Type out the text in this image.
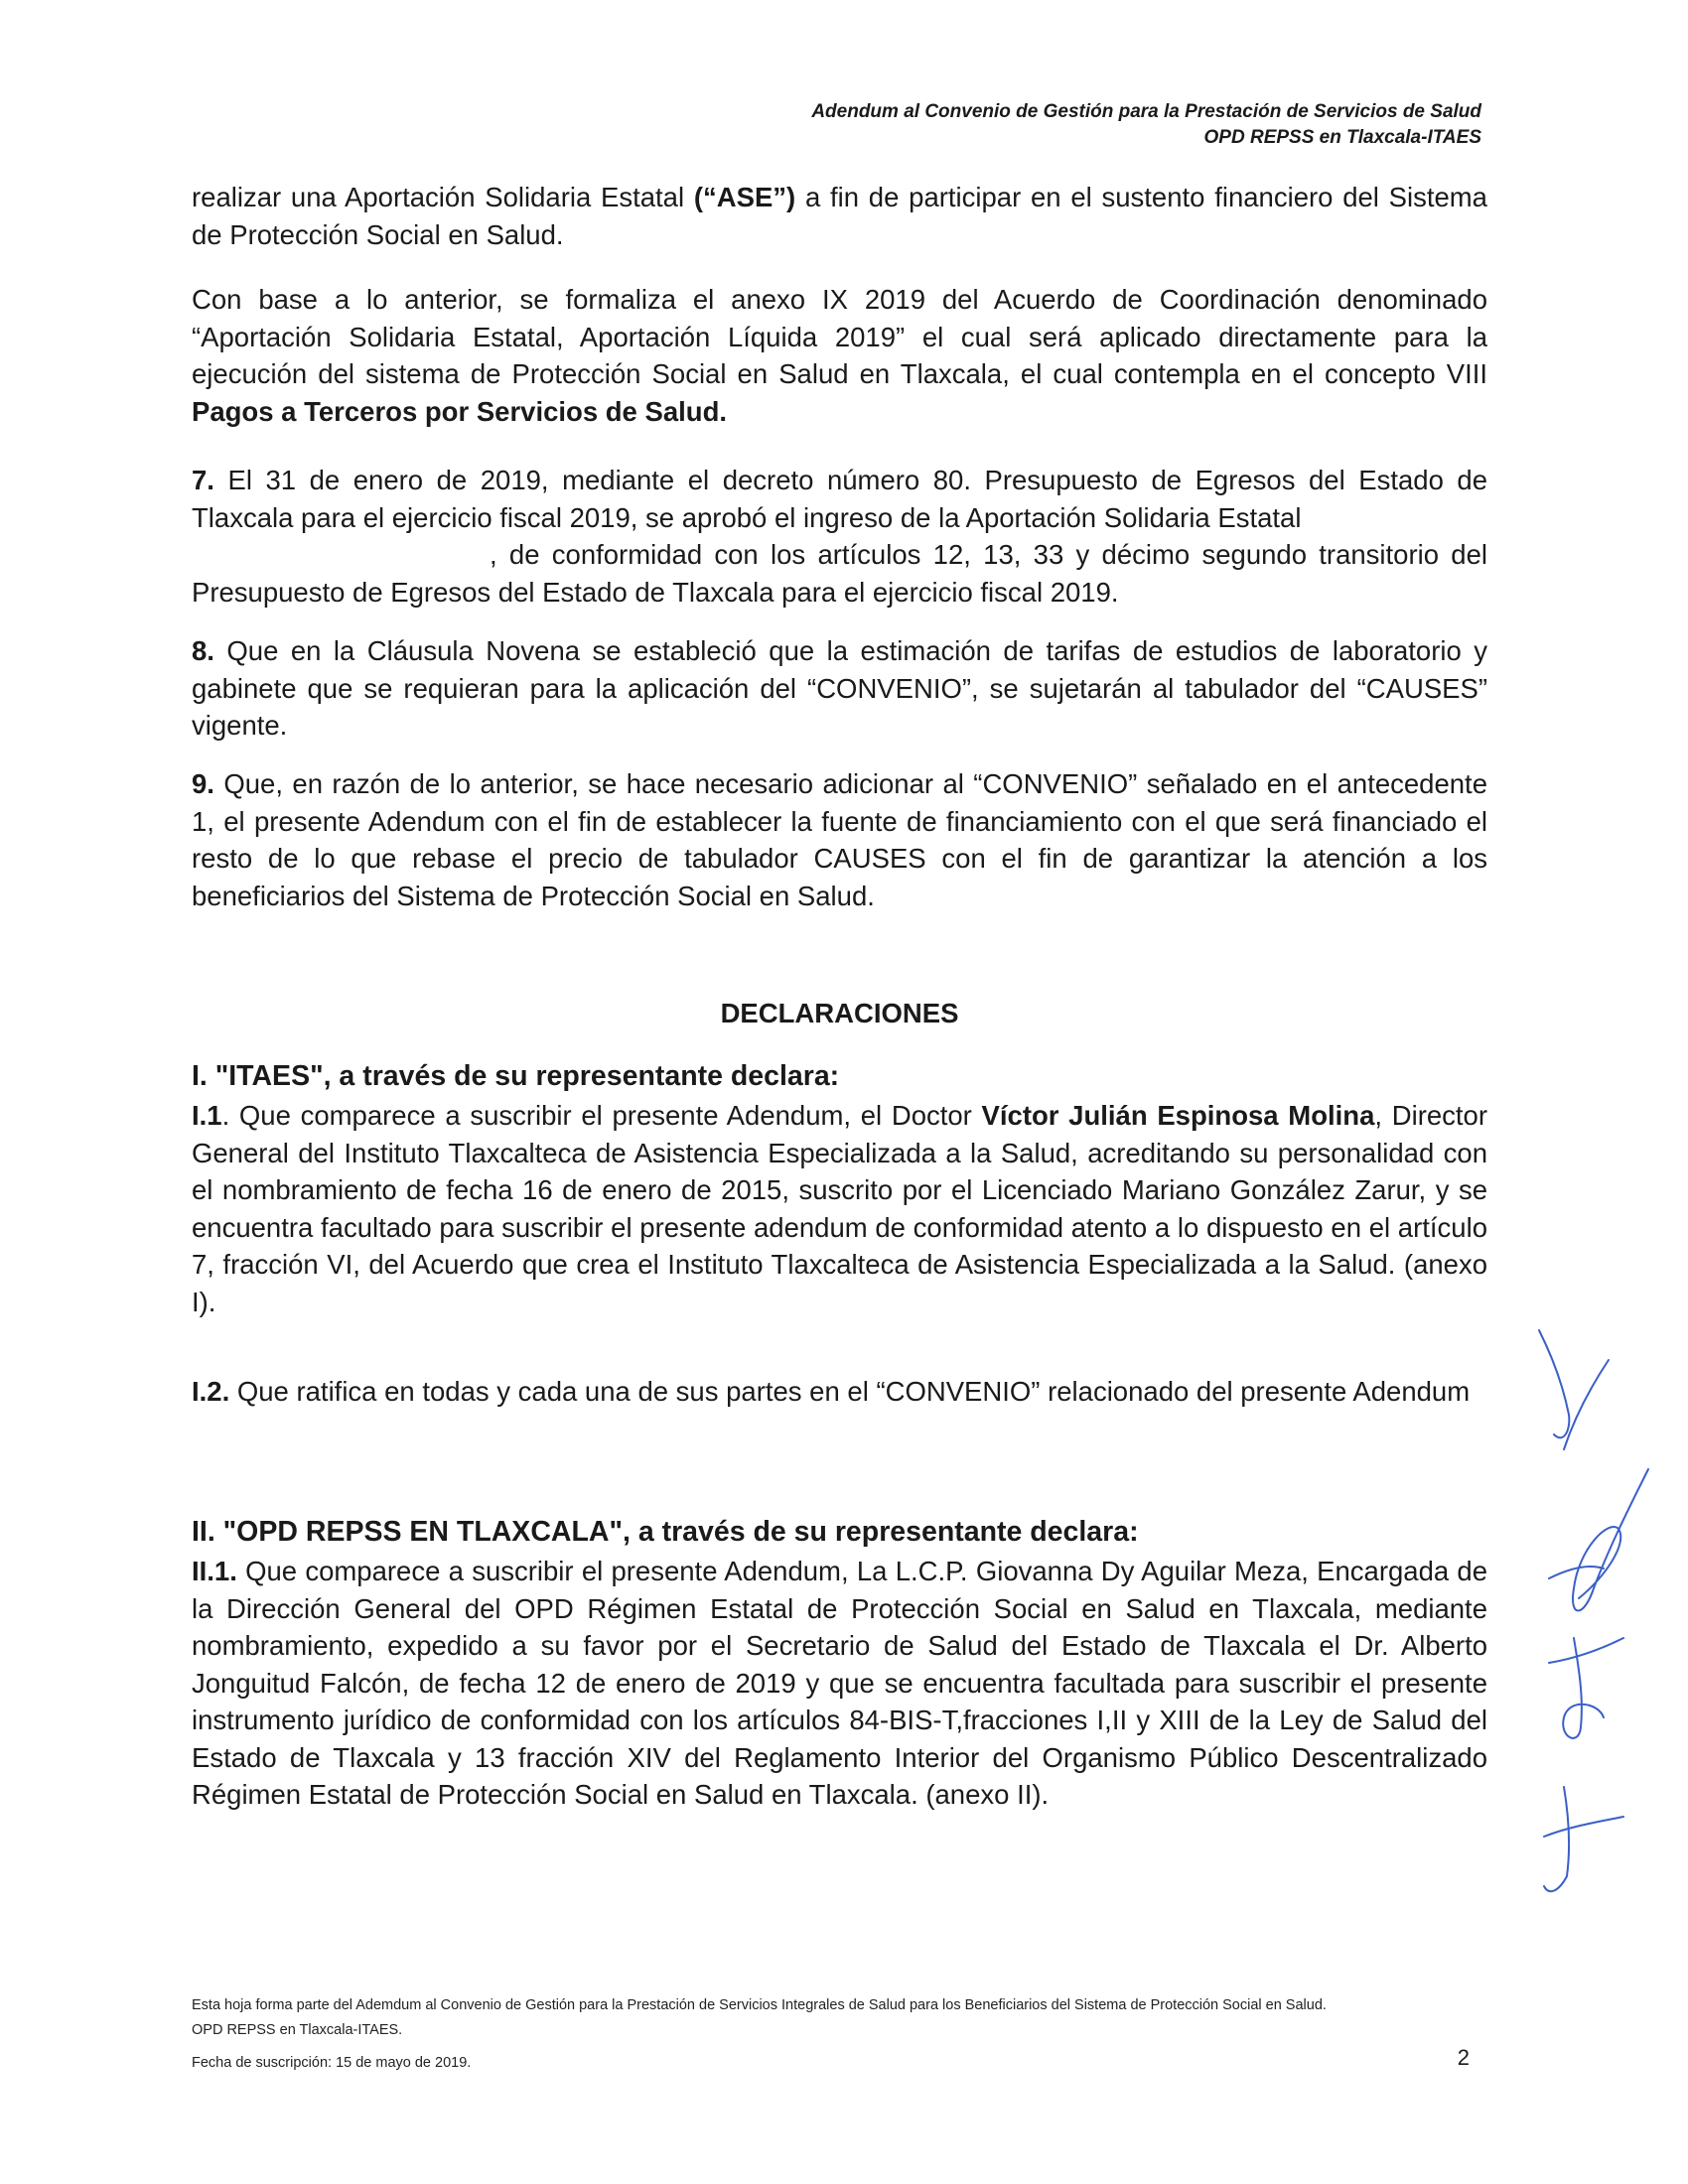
Adendum al Convenio de Gestión para la Prestación de Servicios de Salud
OPD REPSS en Tlaxcala-ITAES

realizar una Aportación Solidaria Estatal (“ASE”) a fin de participar en el sustento financiero del Sistema de Protección Social en Salud.

Con base a lo anterior, se formaliza el anexo IX 2019 del Acuerdo de Coordinación denominado “Aportación Solidaria Estatal, Aportación Líquida 2019” el cual será aplicado directamente para la ejecución del sistema de Protección Social en Salud en Tlaxcala, el cual contempla en el concepto VIII Pagos a Terceros por Servicios de Salud.

7. El 31 de enero de 2019, mediante el decreto número 80. Presupuesto de Egresos del Estado de Tlaxcala para el ejercicio fiscal 2019, se aprobó el ingreso de la Aportación Solidaria Estatal
, de conformidad con los artículos 12, 13, 33 y décimo segundo transitorio del Presupuesto de Egresos del Estado de Tlaxcala para el ejercicio fiscal 2019.

8. Que en la Cláusula Novena se estableció que la estimación de tarifas de estudios de laboratorio y gabinete que se requieran para la aplicación del “CONVENIO”, se sujetarán al tabulador del “CAUSES” vigente.

9. Que, en razón de lo anterior, se hace necesario adicionar al “CONVENIO” señalado en el antecedente 1, el presente Adendum con el fin de establecer la fuente de financiamiento con el que será financiado el resto de lo que rebase el precio de tabulador CAUSES con el fin de garantizar la atención a los beneficiarios del Sistema de Protección Social en Salud.

DECLARACIONES
I. "ITAES", a través de su representante declara:

I.1. Que comparece a suscribir el presente Adendum, el Doctor Víctor Julián Espinosa Molina, Director General del Instituto Tlaxcalteca de Asistencia Especializada a la Salud, acreditando su personalidad con el nombramiento de fecha 16 de enero de 2015, suscrito por el Licenciado Mariano González Zarur, y se encuentra facultado para suscribir el presente adendum de conformidad atento a lo dispuesto en el artículo 7, fracción VI, del Acuerdo que crea el Instituto Tlaxcalteca de Asistencia Especializada a la Salud. (anexo I).

I.2. Que ratifica en todas y cada una de sus partes en el “CONVENIO” relacionado del presente Adendum

II. "OPD REPSS EN TLAXCALA", a través de su representante declara:

II.1. Que comparece a suscribir el presente Adendum, La L.C.P. Giovanna Dy Aguilar Meza, Encargada de la Dirección General del OPD Régimen Estatal de Protección Social en Salud en Tlaxcala, mediante nombramiento, expedido a su favor por el Secretario de Salud del Estado de Tlaxcala el Dr. Alberto Jonguitud Falcón, de fecha 12 de enero de 2019 y que se encuentra facultada para suscribir el presente instrumento jurídico de conformidad con los artículos 84-BIS-T,fracciones I,II y XIII de la Ley de Salud del Estado de Tlaxcala y 13 fracción XIV del Reglamento Interior del Organismo Público Descentralizado Régimen Estatal de Protección Social en Salud en Tlaxcala. (anexo II).

Esta hoja forma parte del Ademdum al Convenio de Gestión para la Prestación de Servicios Integrales de Salud para los Beneficiarios del Sistema de Protección Social en Salud.
OPD REPSS en Tlaxcala-ITAES.
Fecha de suscripción: 15 de mayo de 2019.	2
